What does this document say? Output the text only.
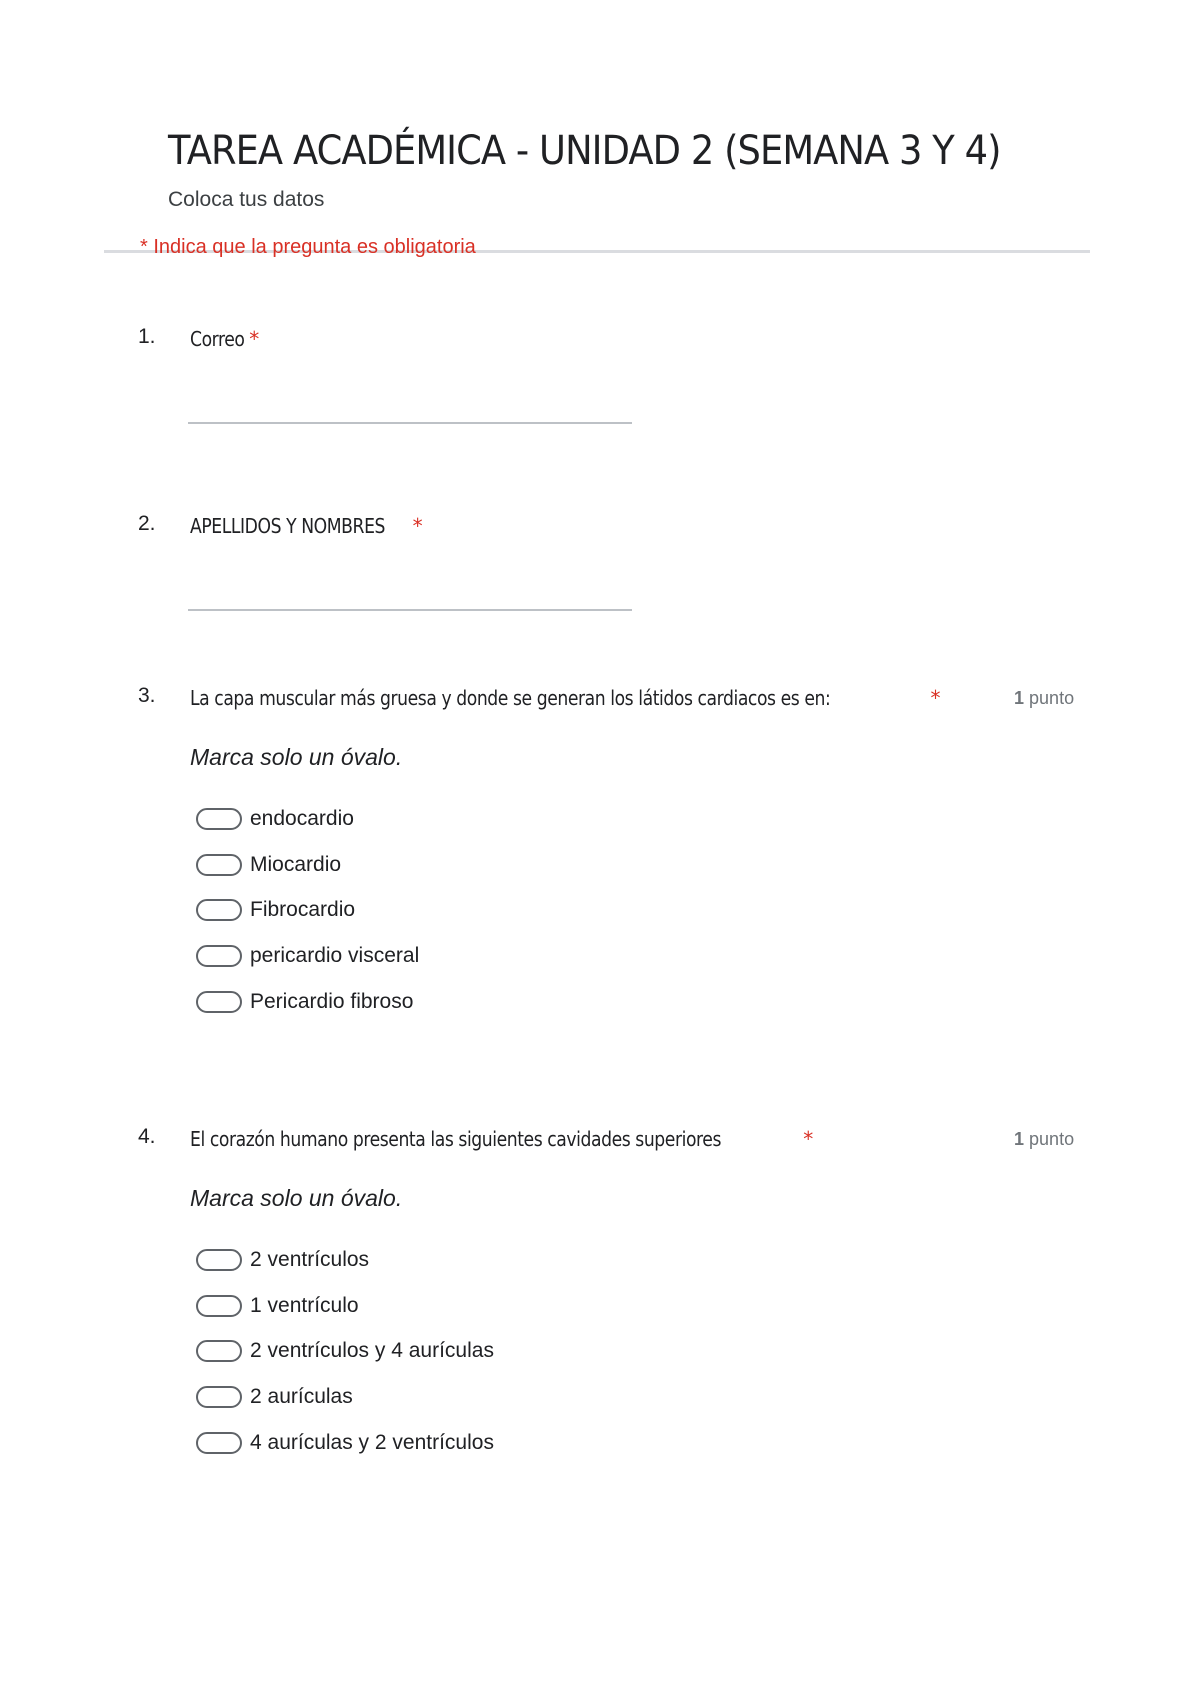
TAREA ACADÉMICA - UNIDAD 2 (SEMANA 3 Y 4)
Coloca tus datos
* Indica que la pregunta es obligatoria
1. Correo *
2. APELLIDOS Y NOMBRES *
3. La capa muscular más gruesa y donde se generan los látidos cardiacos es en:	*	1 punto
Marca solo un óvalo.
endocardio
Miocardio
Fibrocardio
pericardio visceral
Pericardio fibroso
4. El corazón humano presenta las siguientes cavidades superiores	*	1 punto
Marca solo un óvalo.
2 ventrículos
1 ventrículo
2 ventrículos y 4 aurículas
2 aurículas
4 aurículas y 2 ventrículos
